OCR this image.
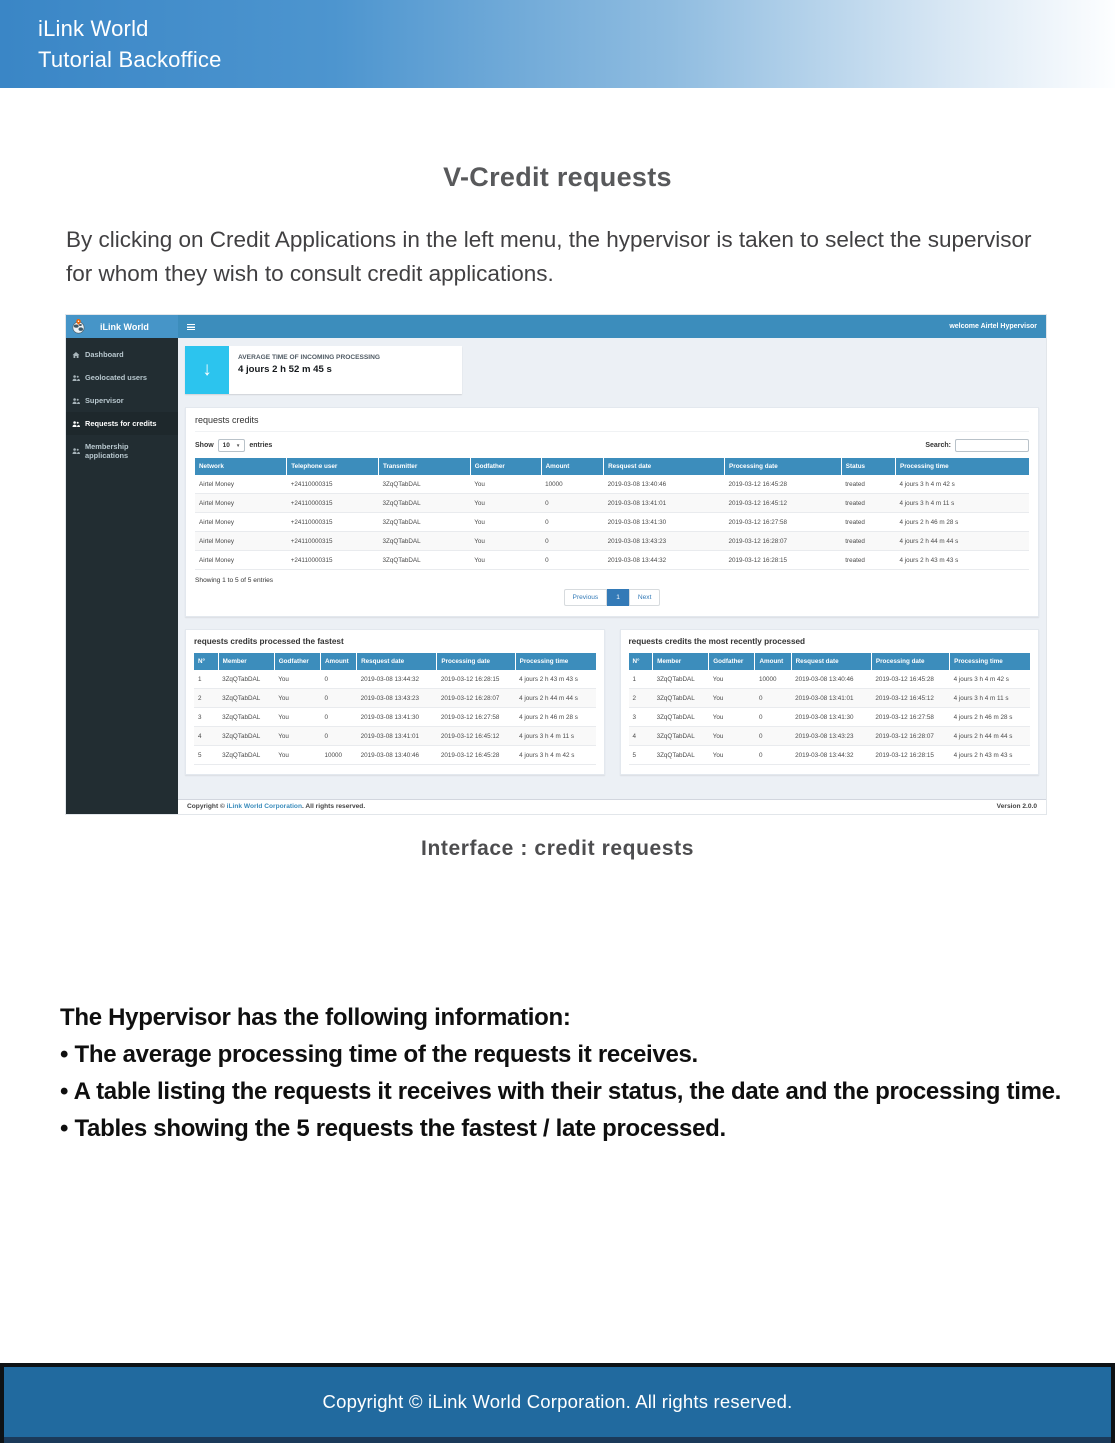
iLink World
Tutorial Backoffice
V-Credit requests

By clicking on Credit Applications in the left menu, the hypervisor is taken to select the supervisor for whom they wish to consult credit applications.

iLink World	welcome Airtel Hypervisor
Dashboard
Geolocated users
Supervisor
Requests for credits
Membership applications
↓
AVERAGE TIME OF INCOMING PROCESSING
4 jours 2 h 52 m 45 s
requests credits
Show 10 ▼ entries	Search:
Network	Telephone user	Transmitter	Godfather	Amount	Resquest date	Processing date	Status	Processing time
Airtel Money	+24110000315	3ZqQTabDAL	You	10000	2019-03-08 13:40:46	2019-03-12 16:45:28	treated	4 jours 3 h 4 m 42 s
Airtel Money	+24110000315	3ZqQTabDAL	You	0	2019-03-08 13:41:01	2019-03-12 16:45:12	treated	4 jours 3 h 4 m 11 s
Airtel Money	+24110000315	3ZqQTabDAL	You	0	2019-03-08 13:41:30	2019-03-12 16:27:58	treated	4 jours 2 h 46 m 28 s
Airtel Money	+24110000315	3ZqQTabDAL	You	0	2019-03-08 13:43:23	2019-03-12 16:28:07	treated	4 jours 2 h 44 m 44 s
Airtel Money	+24110000315	3ZqQTabDAL	You	0	2019-03-08 13:44:32	2019-03-12 16:28:15	treated	4 jours 2 h 43 m 43 s
Showing 1 to 5 of 5 entries
Previous	1	Next
requests credits processed the fastest
N°	Member	Godfather	Amount	Resquest date	Processing date	Processing time
1	3ZqQTabDAL	You	0	2019-03-08 13:44:32	2019-03-12 16:28:15	4 jours 2 h 43 m 43 s
2	3ZqQTabDAL	You	0	2019-03-08 13:43:23	2019-03-12 16:28:07	4 jours 2 h 44 m 44 s
3	3ZqQTabDAL	You	0	2019-03-08 13:41:30	2019-03-12 16:27:58	4 jours 2 h 46 m 28 s
4	3ZqQTabDAL	You	0	2019-03-08 13:41:01	2019-03-12 16:45:12	4 jours 3 h 4 m 11 s
5	3ZqQTabDAL	You	10000	2019-03-08 13:40:46	2019-03-12 16:45:28	4 jours 3 h 4 m 42 s
requests credits the most recently processed
N°	Member	Godfather	Amount	Resquest date	Processing date	Processing time
1	3ZqQTabDAL	You	10000	2019-03-08 13:40:46	2019-03-12 16:45:28	4 jours 3 h 4 m 42 s
2	3ZqQTabDAL	You	0	2019-03-08 13:41:01	2019-03-12 16:45:12	4 jours 3 h 4 m 11 s
3	3ZqQTabDAL	You	0	2019-03-08 13:41:30	2019-03-12 16:27:58	4 jours 2 h 46 m 28 s
4	3ZqQTabDAL	You	0	2019-03-08 13:43:23	2019-03-12 16:28:07	4 jours 2 h 44 m 44 s
5	3ZqQTabDAL	You	0	2019-03-08 13:44:32	2019-03-12 16:28:15	4 jours 2 h 43 m 43 s
Copyright © iLink World Corporation. All rights reserved.	Version 2.0.0
Interface : credit requests
The Hypervisor has the following information:
• The average processing time of the requests it receives.
• A table listing the requests it receives with their status, the date and the processing time.
• Tables showing the 5 requests the fastest / late processed.
Copyright © iLink World Corporation. All rights reserved.
